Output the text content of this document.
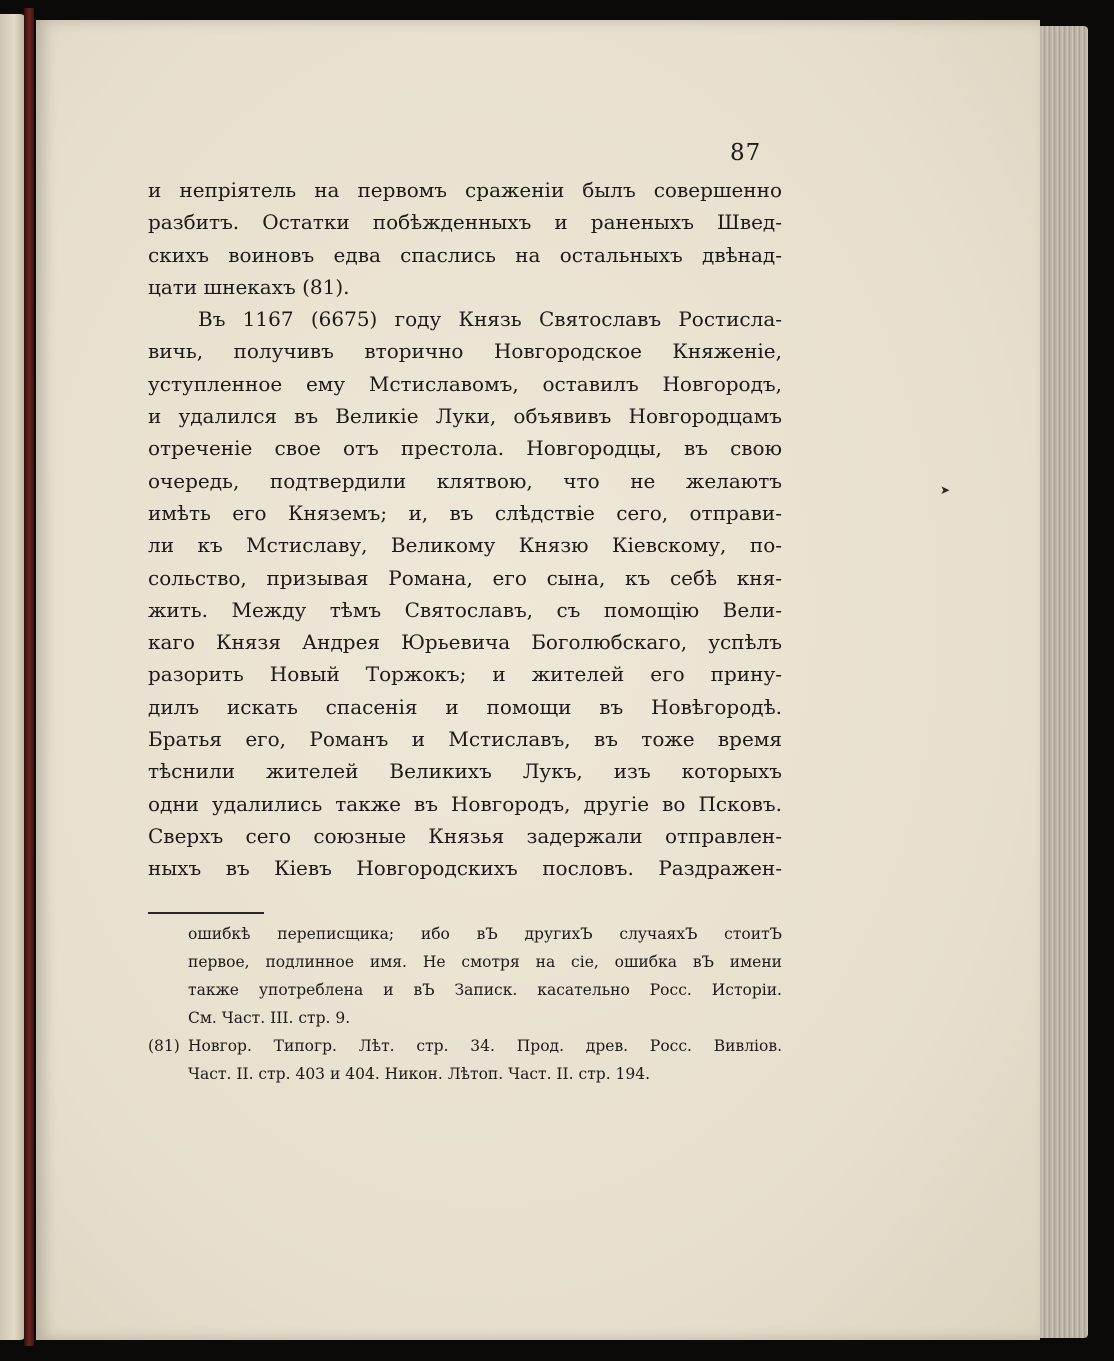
87
и непріятель на первомъ сраженіи былъ совершенно
разбитъ. Остатки побѣжденныхъ и раненыхъ Швед-
скихъ воиновъ едва спаслись на остальныхъ двѣнад-
цати шнекахъ (81).
Въ 1167 (6675) году Князь Святославъ Ростисла-
вичь, получивъ вторично Новгородское Княженіе,
уступленное ему Мстиславомъ, оставилъ Новгородъ,
и удалился въ Великіе Луки, объявивъ Новгородцамъ
отреченіе свое отъ престола. Новгородцы, въ свою
очередь, подтвердили клятвою, что не желаютъ
имѣть его Княземъ; и, въ слѣдствіе сего, отправи-
ли къ Мстиславу, Великому Князю Кіевскому, по-
сольство, призывая Романа, его сына, къ себѣ кня-
жить. Между тѣмъ Святославъ, съ помощію Вели-
каго Князя Андрея Юрьевича Боголюбскаго, успѣлъ
разорить Новый Торжокъ; и жителей его прину-
дилъ искать спасенія и помощи въ Новѣгородѣ.
Братья его, Романъ и Мстиславъ, въ тоже время
тѣснили жителей Великихъ Лукъ, изъ которыхъ
одни удалились также въ Новгородъ, другіе во Псковъ.
Сверхъ сего союзные Князья задержали отправлен-
ныхъ въ Кіевъ Новгородскихъ пословъ. Раздражен-
ошибкѣ переписщика; ибо вЪ другихЪ случаяхЪ стоитЪ
первое, подлинное имя. Не смотря на сіе, ошибка вЪ имени
также употреблена и вЪ Записк. касательно Росс. Исторіи.
См. Част. III. стр. 9.
(81) Новгор. Типогр. Лѣт. стр. 34. Прод. древ. Росс. Вивліов.
Част. II. стр. 403 и 404. Никон. Лѣтоп. Част. II. стр. 194.
➤
